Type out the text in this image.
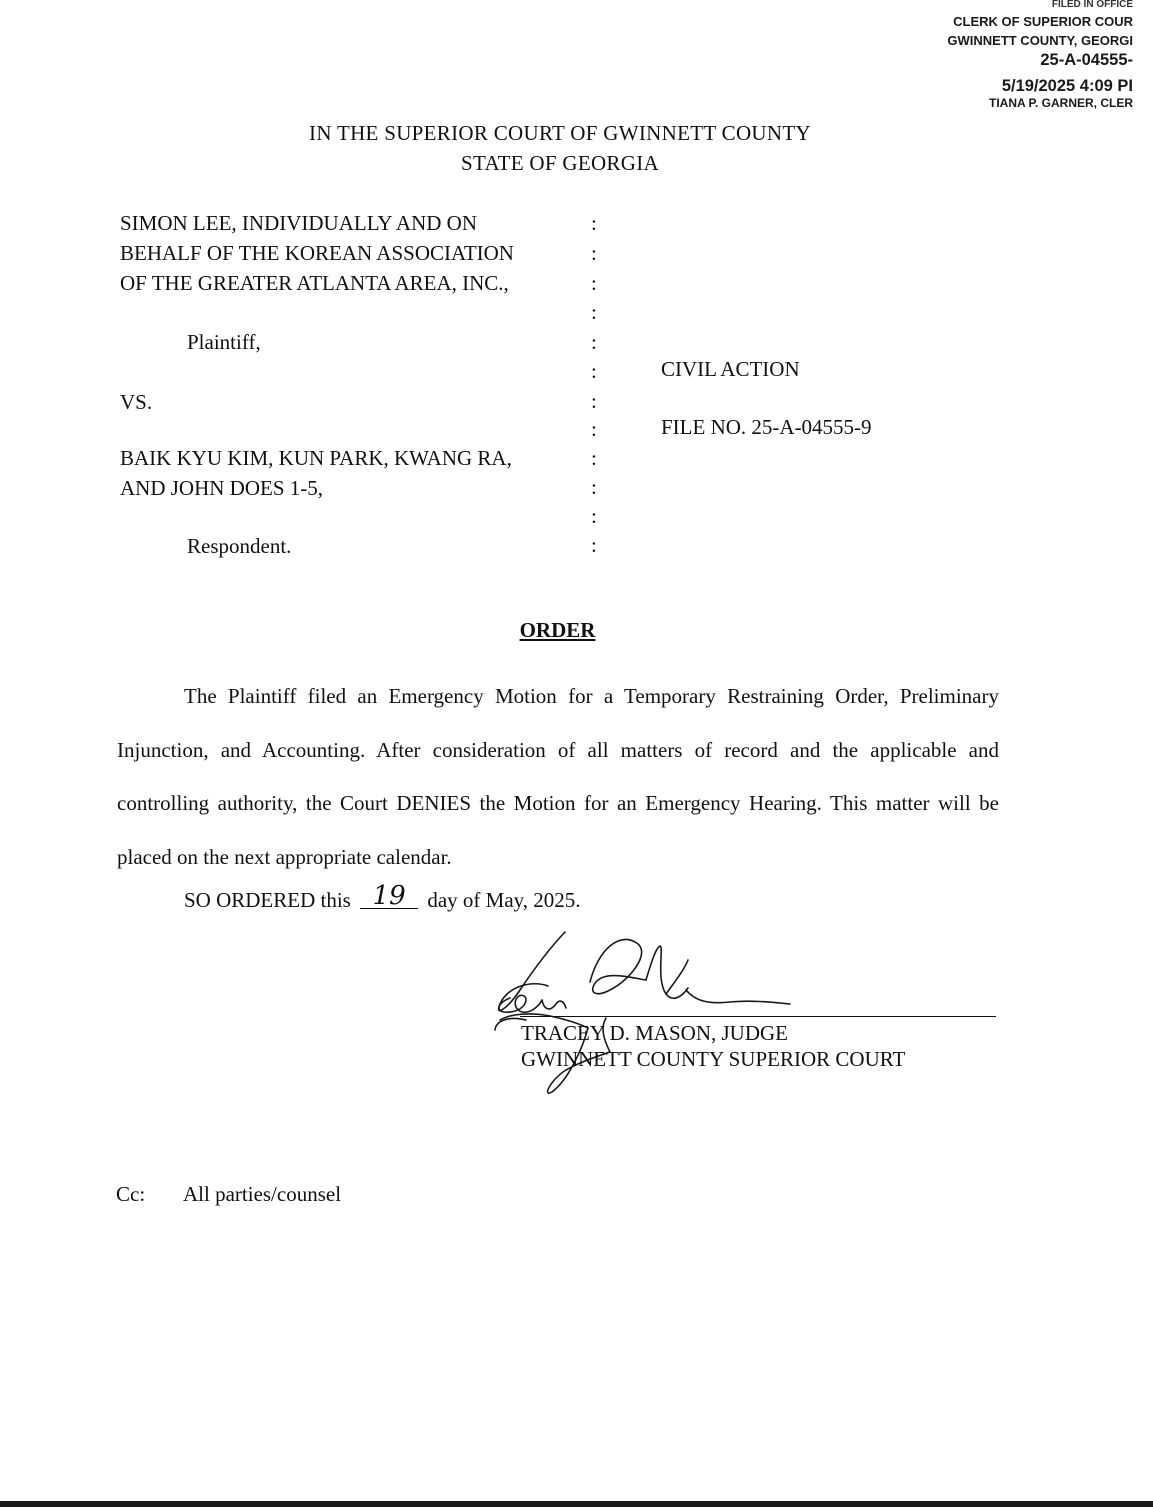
FILED IN OFFICE
CLERK OF SUPERIOR COUR
GWINNETT COUNTY, GEORGI
25-A-04555-
5/19/2025 4:09 PI
TIANA P. GARNER, CLER
IN THE SUPERIOR COURT OF GWINNETT COUNTY
STATE OF GEORGIA
SIMON LEE, INDIVIDUALLY AND ON
BEHALF OF THE KOREAN ASSOCIATION
OF THE GREATER ATLANTA AREA, INC.,
Plaintiff,
VS.
BAIK KYU KIM, KUN PARK, KWANG RA,
AND JOHN DOES 1-5,
Respondent.
:
:
:
:
:
:
:
:
:
:
:
:
CIVIL ACTION
FILE NO. 25-A-04555-9
ORDER

The Plaintiff filed an Emergency Motion for a Temporary Restraining Order, Preliminary Injunction, and Accounting. After consideration of all matters of record and the applicable and controlling authority, the Court DENIES the Motion for an Emergency Hearing. This matter will be placed on the next appropriate calendar.

SO ORDERED this 19 day of May, 2025.
TRACEY D. MASON, JUDGE
GWINNETT COUNTY SUPERIOR COURT
Cc: All parties/counsel
